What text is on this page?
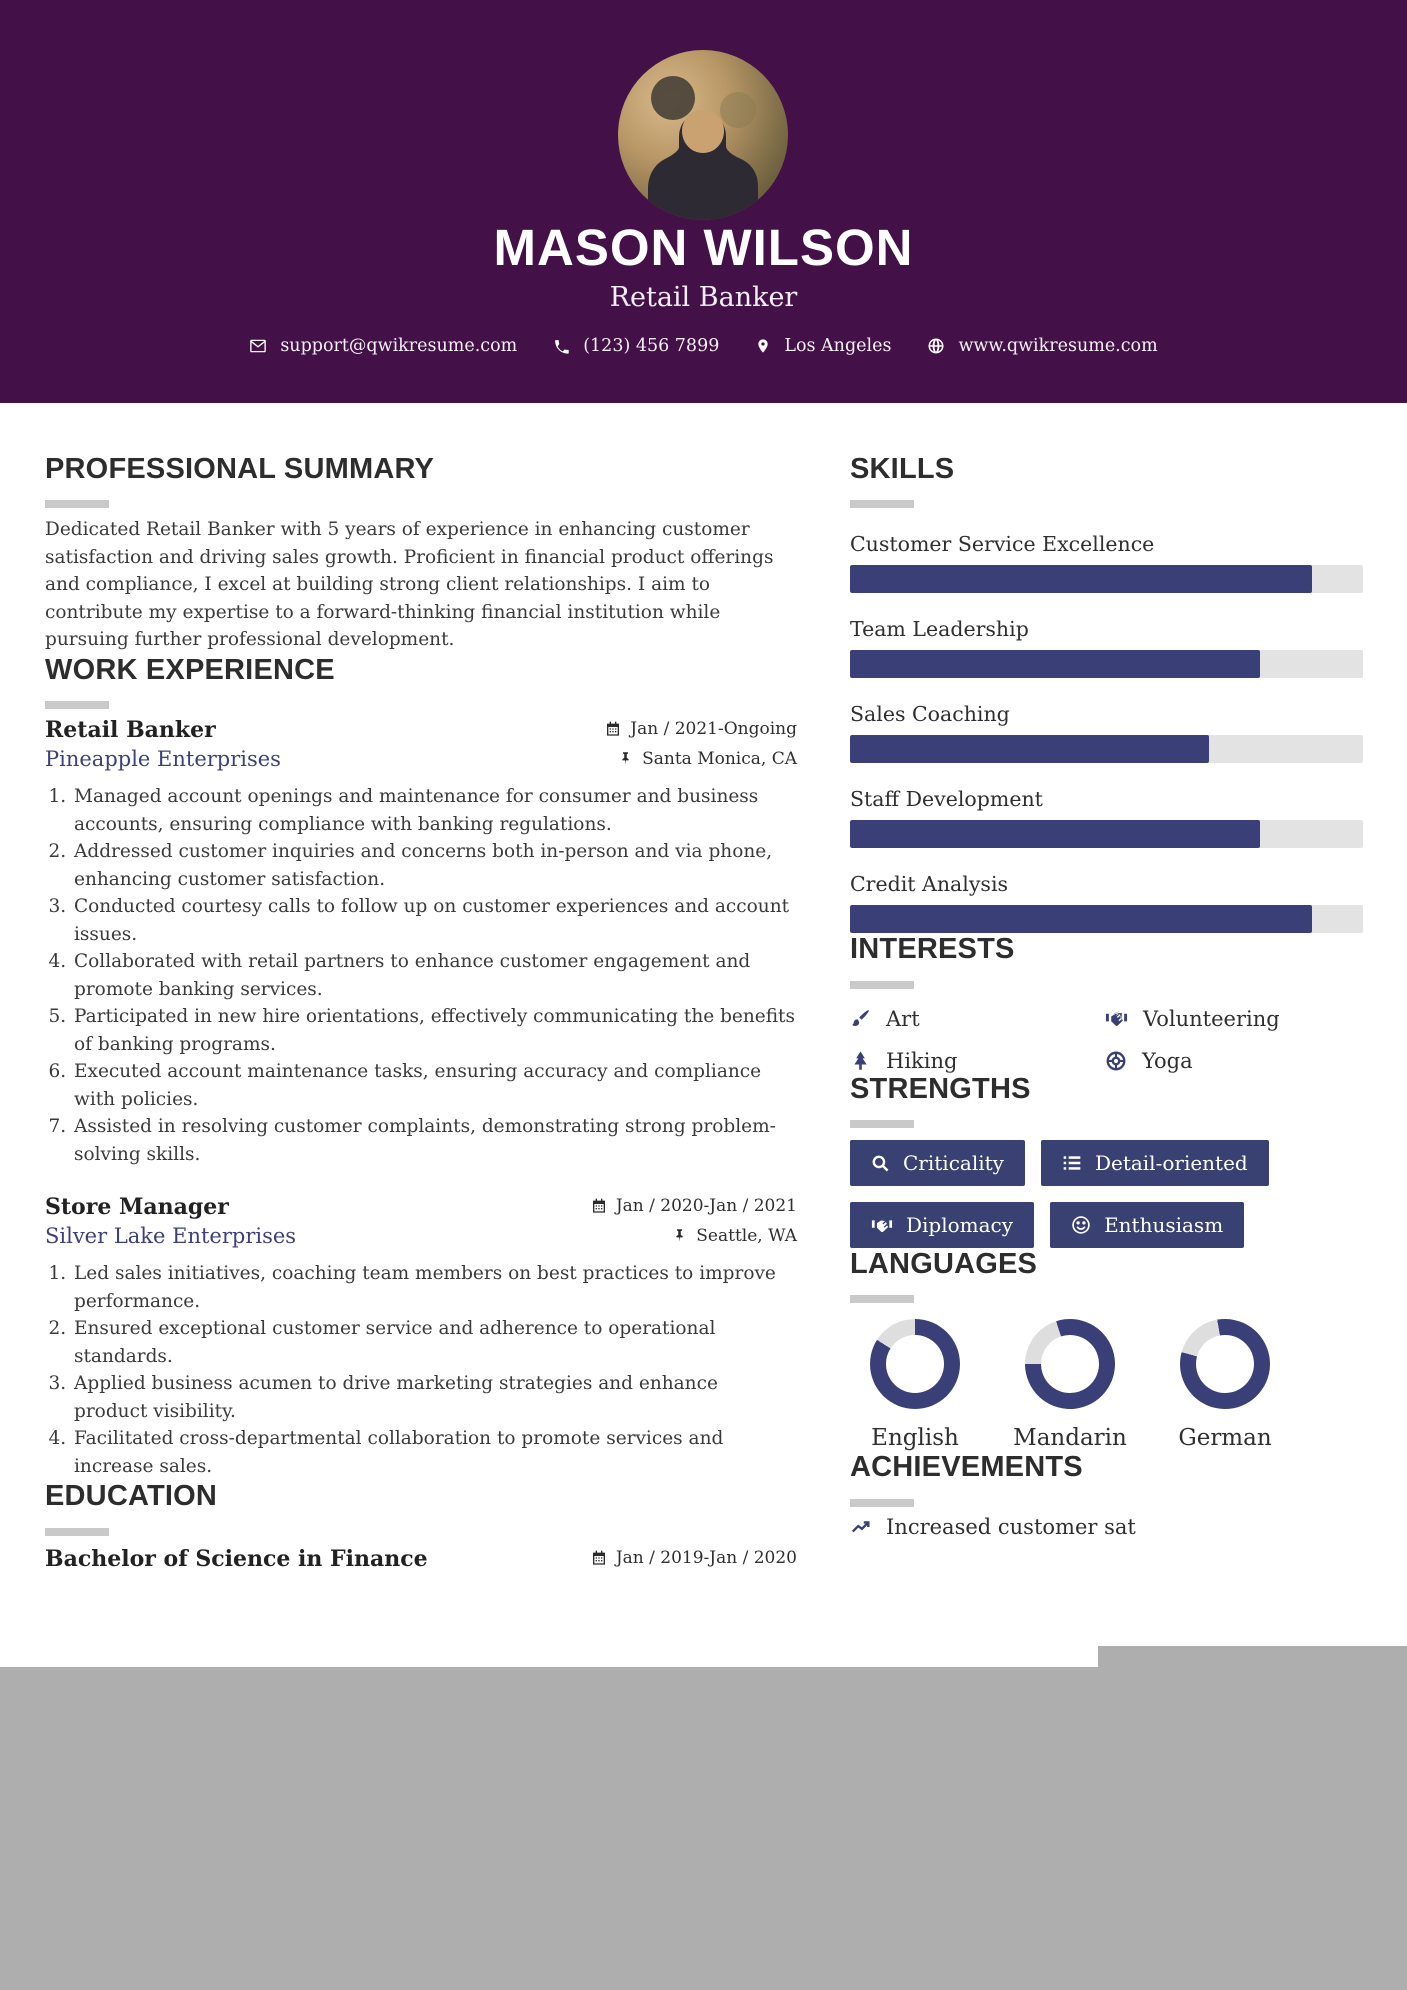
MASON WILSON
Retail Banker
support@qwikresume.com	(123) 456 7899	Los Angeles	www.qwikresume.com
PROFESSIONAL SUMMARY

Dedicated Retail Banker with 5 years of experience in enhancing customer satisfaction and driving sales growth. Proficient in financial product offerings and compliance, I excel at building strong client relationships. I aim to contribute my expertise to a forward-thinking financial institution while pursuing further professional development.

WORK EXPERIENCE
Retail Banker	Jan / 2021-Ongoing
Pineapple Enterprises	Santa Monica, CA
1. Managed account openings and maintenance for consumer and business accounts, ensuring compliance with banking regulations.
2. Addressed customer inquiries and concerns both in-person and via phone, enhancing customer satisfaction.
3. Conducted courtesy calls to follow up on customer experiences and account issues.
4. Collaborated with retail partners to enhance customer engagement and promote banking services.
5. Participated in new hire orientations, effectively communicating the benefits of banking programs.
6. Executed account maintenance tasks, ensuring accuracy and compliance with policies.
7. Assisted in resolving customer complaints, demonstrating strong problem-solving skills.
Store Manager	Jan / 2020-Jan / 2021
Silver Lake Enterprises	Seattle, WA
1. Led sales initiatives, coaching team members on best practices to improve performance.
2. Ensured exceptional customer service and adherence to operational standards.
3. Applied business acumen to drive marketing strategies and enhance product visibility.
4. Facilitated cross-departmental collaboration to promote services and increase sales.
EDUCATION
Bachelor of Science in Finance	Jan / 2019-Jan / 2020
SKILLS
Customer Service Excellence
Team Leadership
Sales Coaching
Staff Development
Credit Analysis
INTERESTS
Art	Volunteering
Hiking	Yoga
STRENGTHS
Criticality	Detail-oriented
Diplomacy	Enthusiasm
LANGUAGES
English Mandarin German
ACHIEVEMENTS
Increased customer sat
